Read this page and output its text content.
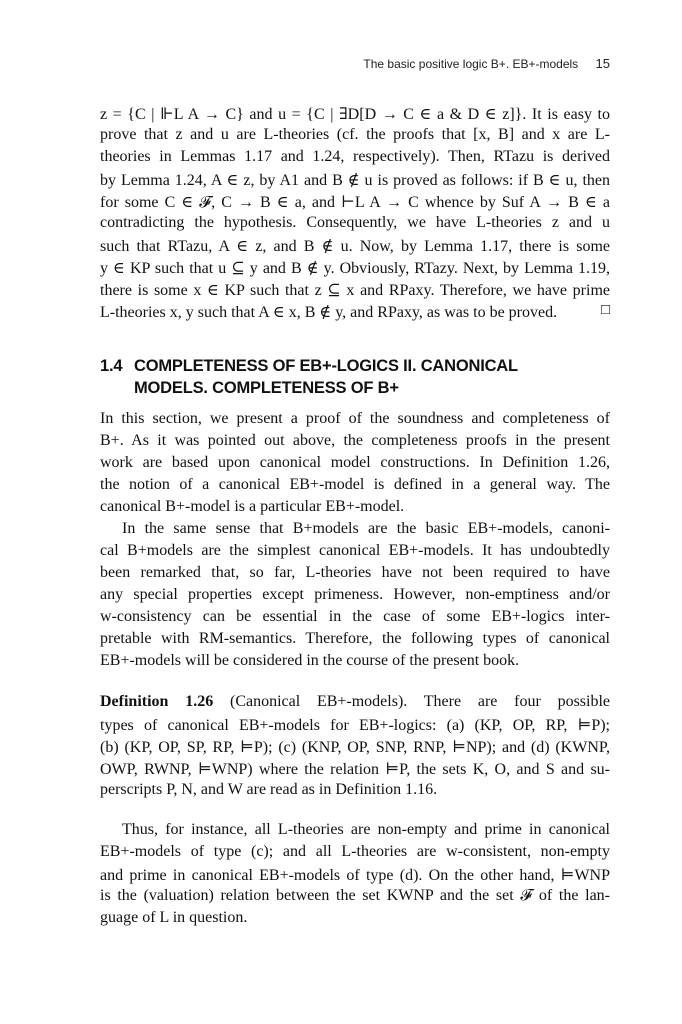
The basic positive logic B+. EB+-models 15
z = {C | ⊩L A → C} and u = {C | ∃D[D → C ∈ a & D ∈ z]}. It is easy to
prove that z and u are L-theories (cf. the proofs that [x, B] and x are L-
theories in Lemmas 1.17 and 1.24, respectively). Then, RTazu is derived
by Lemma 1.24, A ∈ z, by A1 and B ∉ u is proved as follows: if B ∈ u, then
for some C ∈ 𝓕, C → B ∈ a, and ⊢L A → C whence by Suf A → B ∈ a
contradicting the hypothesis. Consequently, we have L-theories z and u
such that RTazu, A ∈ z, and B ∉ u. Now, by Lemma 1.17, there is some
y ∈ KP such that u ⊆ y and B ∉ y. Obviously, RTazy. Next, by Lemma 1.19,
there is some x ∈ KP such that z ⊆ x and RPaxy. Therefore, we have prime
L-theories x, y such that A ∈ x, B ∉ y, and RPaxy, as was to be proved.	□
1.4 COMPLETENESS OF EB+-LOGICS II. CANONICAL
MODELS. COMPLETENESS OF B+
In this section, we present a proof of the soundness and completeness of
B+. As it was pointed out above, the completeness proofs in the present
work are based upon canonical model constructions. In Definition 1.26,
the notion of a canonical EB+-model is defined in a general way. The
canonical B+-model is a particular EB+-model.
In the same sense that B+models are the basic EB+-models, canoni-
cal B+models are the simplest canonical EB+-models. It has undoubtedly
been remarked that, so far, L-theories have not been required to have
any special properties except primeness. However, non-emptiness and/or
w-consistency can be essential in the case of some EB+-logics inter-
pretable with RM-semantics. Therefore, the following types of canonical
EB+-models will be considered in the course of the present book.
Definition 1.26 (Canonical EB+-models). There are four possible
types of canonical EB+-models for EB+-logics: (a) (KP, OP, RP, ⊨P);
(b) (KP, OP, SP, RP, ⊨P); (c) (KNP, OP, SNP, RNP, ⊨NP); and (d) (KWNP,
OWP, RWNP, ⊨WNP) where the relation ⊨P, the sets K, O, and S and su-
perscripts P, N, and W are read as in Definition 1.16.
Thus, for instance, all L-theories are non-empty and prime in canonical
EB+-models of type (c); and all L-theories are w-consistent, non-empty
and prime in canonical EB+-models of type (d). On the other hand, ⊨WNP
is the (valuation) relation between the set KWNP and the set 𝓕 of the lan-
guage of L in question.
